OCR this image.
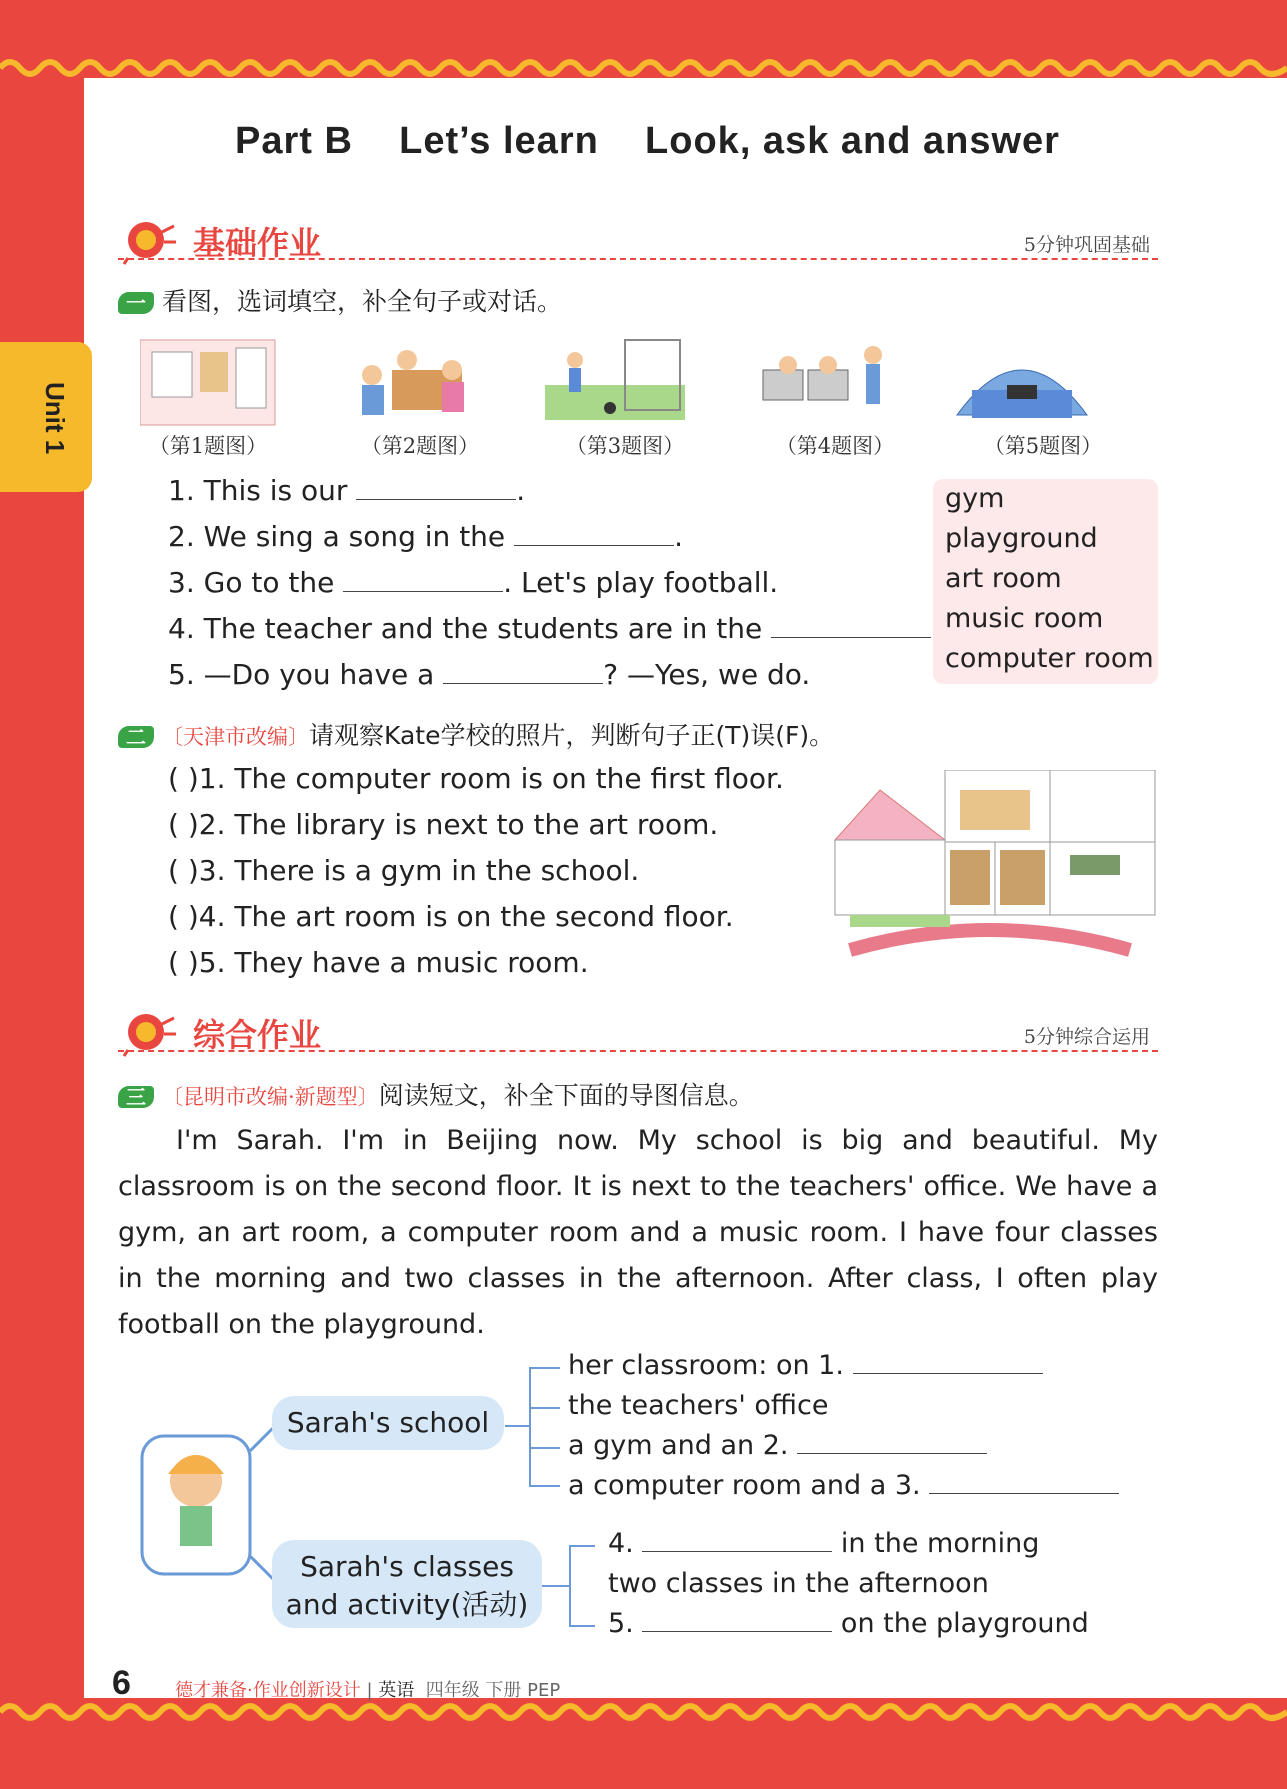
Unit 1
Part B    Let’s learn    Look, ask and answer
基础作业	5分钟巩固基础
一 看图，选词填空，补全句子或对话。
（第1题图）	（第2题图）	（第3题图）	（第4题图）	（第5题图）
1. This is our	.
2. We sing a song in the	.
3. Go to the	. Let's play football.
4. The teacher and the students are in the
5. —Do you have a	? —Yes, we do.
gym
playground
art room
music room
computer room
二 〔天津市改编〕请观察Kate学校的照片，判断句子正(T)误(F)。
( )1. The computer room is on the first floor.
( )2. The library is next to the art room.
( )3. There is a gym in the school.
( )4. The art room is on the second floor.
( )5. They have a music room.
综合作业	5分钟综合运用
三 〔昆明市改编·新题型〕阅读短文，补全下面的导图信息。
I'm Sarah. I'm in Beijing now. My school is big and beautiful. My classroom is on the second floor. It is next to the teachers' office. We have a gym, an art room, a computer room and a music room. I have four classes in the morning and two classes in the afternoon. After class, I often play football on the playground.
Sarah's school
Sarah's classes
and activity(活动)
her classroom: on 1.
the teachers' office
a gym and an 2.
a computer room and a 3.
4.	in the morning
two classes in the afternoon
5.	on the playground
6 德才兼备·作业创新设计 | 英语 四年级 下册 PEP
